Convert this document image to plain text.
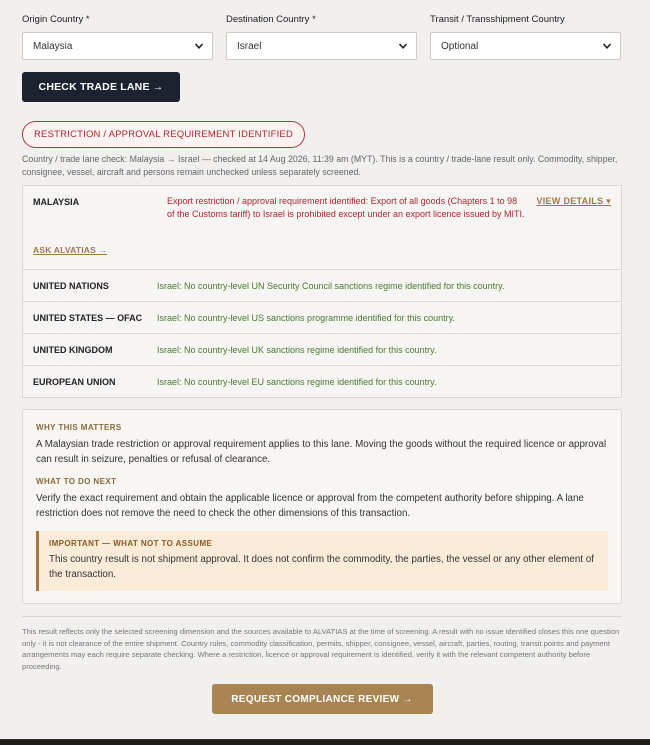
Origin Country *
Malaysia
Destination Country *
Israel
Transit / Transshipment Country
Optional
CHECK TRADE LANE →
RESTRICTION / APPROVAL REQUIREMENT IDENTIFIED
Country / trade lane check: Malaysia → Israel — checked at 14 Aug 2026, 11:39 am (MYT). This is a country / trade-lane result only. Commodity, shipper, consignee, vessel, aircraft and persons remain unchecked unless separately screened.
MALAYSIA	Export restriction / approval requirement identified: Export of all goods (Chapters 1 to 98 of the Customs tariff) to Israel is prohibited except under an export licence issued by MITI.
VIEW DETAILS ▾
ASK ALVATIAS →
UNITED NATIONS	Israel: No country-level UN Security Council sanctions regime identified for this country.
UNITED STATES — OFAC	Israel: No country-level US sanctions programme identified for this country.
UNITED KINGDOM	Israel: No country-level UK sanctions regime identified for this country.
EUROPEAN UNION	Israel: No country-level EU sanctions regime identified for this country.
WHY THIS MATTERS
A Malaysian trade restriction or approval requirement applies to this lane. Moving the goods without the required licence or approval can result in seizure, penalties or refusal of clearance.
WHAT TO DO NEXT
Verify the exact requirement and obtain the applicable licence or approval from the competent authority before shipping. A lane restriction does not remove the need to check the other dimensions of this transaction.
IMPORTANT — WHAT NOT TO ASSUME
This country result is not shipment approval. It does not confirm the commodity, the parties, the vessel or any other element of the transaction.
This result reflects only the selected screening dimension and the sources available to ALVATIAS at the time of screening. A result with no issue identified closes this one question only - it is not clearance of the entire shipment. Country rules, commodity classification, permits, shipper, consignee, vessel, aircraft, parties, routing, transit points and payment arrangements may each require separate checking. Where a restriction, licence or approval requirement is identified, verify it with the relevant competent authority before proceeding.
REQUEST COMPLIANCE REVIEW →
